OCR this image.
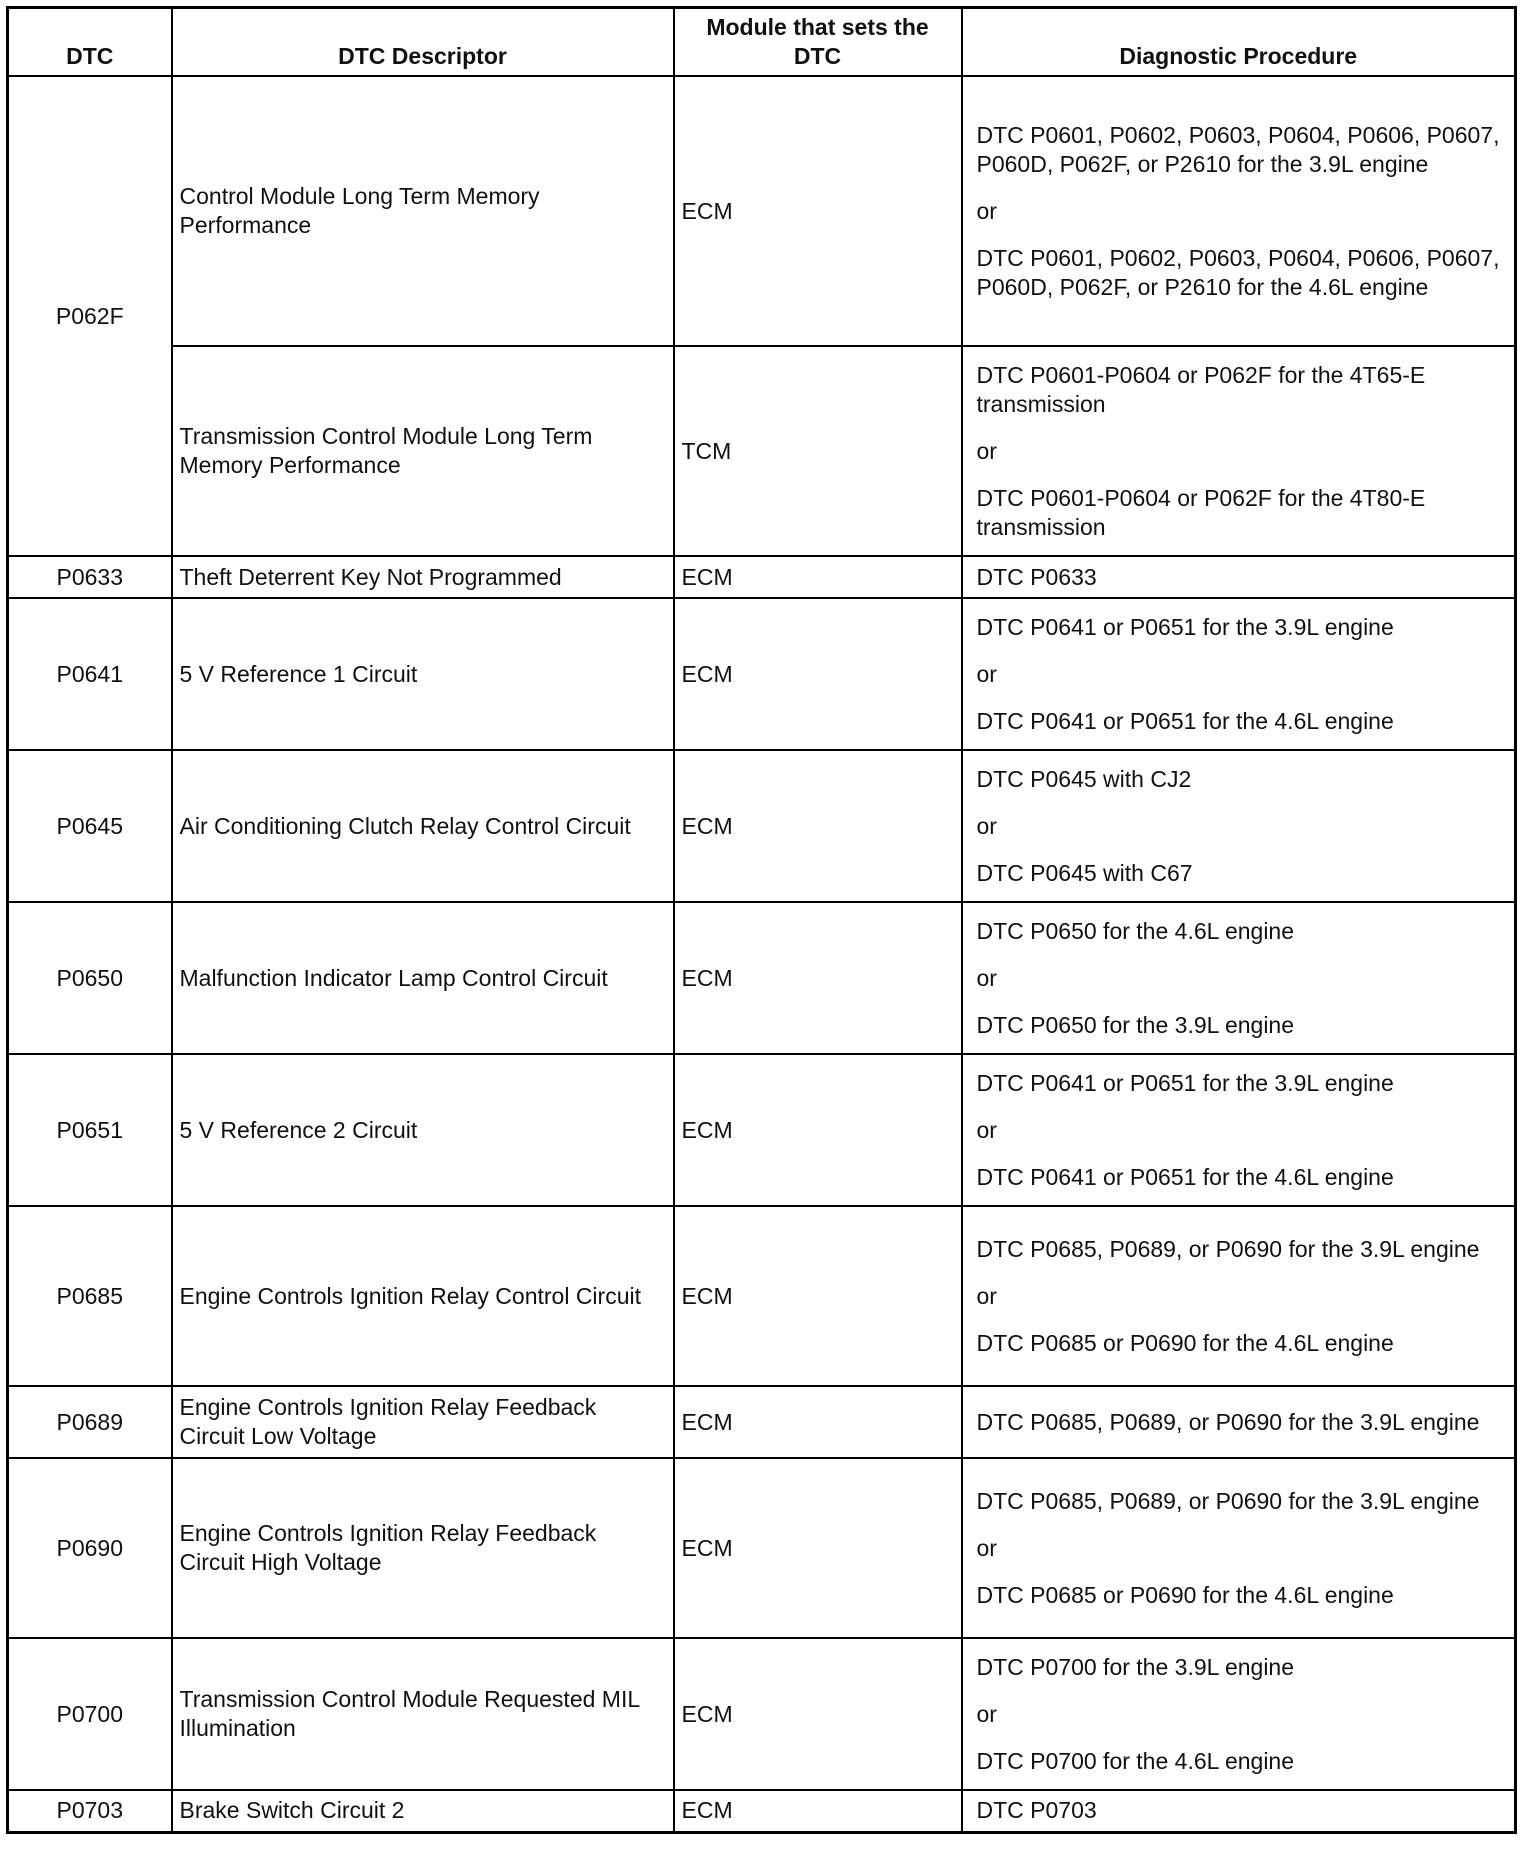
DTC	DTC Descriptor	Module that sets the DTC	Diagnostic Procedure
P062F	Control Module Long Term Memory Performance	ECM	DTC P0601, P0602, P0603, P0604, P0606, P0607, P060D, P062F, or P2610 for the 3.9L engine
or
DTC P0601, P0602, P0603, P0604, P0606, P0607, P060D, P062F, or P2610 for the 4.6L engine

	Transmission Control Module Long Term Memory Performance	TCM	DTC P0601-P0604 or P062F for the 4T65-E transmission
or
DTC P0601-P0604 or P062F for the 4T80-E transmission

P0633	Theft Deterrent Key Not Programmed	ECM	DTC P0633

P0641	5 V Reference 1 Circuit	ECM	DTC P0641 or P0651 for the 3.9L engine
or
DTC P0641 or P0651 for the 4.6L engine

P0645	Air Conditioning Clutch Relay Control Circuit	ECM	DTC P0645 with CJ2
or
DTC P0645 with C67

P0650	Malfunction Indicator Lamp Control Circuit	ECM	DTC P0650 for the 4.6L engine
or
DTC P0650 for the 3.9L engine

P0651	5 V Reference 2 Circuit	ECM	DTC P0641 or P0651 for the 3.9L engine
or
DTC P0641 or P0651 for the 4.6L engine

P0685	Engine Controls Ignition Relay Control Circuit	ECM	DTC P0685, P0689, or P0690 for the 3.9L engine
or
DTC P0685 or P0690 for the 4.6L engine

P0689	Engine Controls Ignition Relay Feedback Circuit Low Voltage	ECM	DTC P0685, P0689, or P0690 for the 3.9L engine

P0690	Engine Controls Ignition Relay Feedback Circuit High Voltage	ECM	DTC P0685, P0689, or P0690 for the 3.9L engine
or
DTC P0685 or P0690 for the 4.6L engine

P0700	Transmission Control Module Requested MIL Illumination	ECM	DTC P0700 for the 3.9L engine
or
DTC P0700 for the 4.6L engine

P0703	Brake Switch Circuit 2	ECM	DTC P0703
